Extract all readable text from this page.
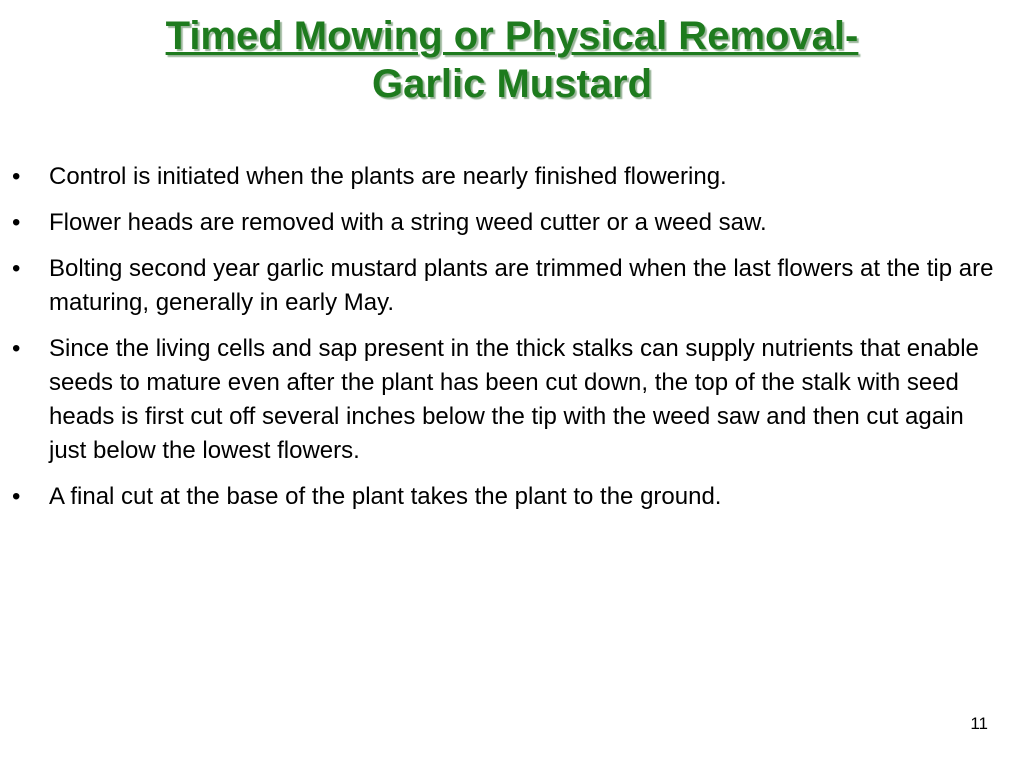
Timed Mowing or Physical Removal-
Garlic Mustard
• Control is initiated when the plants are nearly finished flowering.
• Flower heads are removed with a string weed cutter or a weed saw.
• Bolting second year garlic mustard plants are trimmed when the last flowers at the tip are maturing, generally in early May.
• Since the living cells and sap present in the thick stalks can supply nutrients that enable seeds to mature even after the plant has been cut down, the top of the stalk with seed heads is first cut off several inches below the tip with the weed saw and then cut again just below the lowest flowers.
• A final cut at the base of the plant takes the plant to the ground.
11
